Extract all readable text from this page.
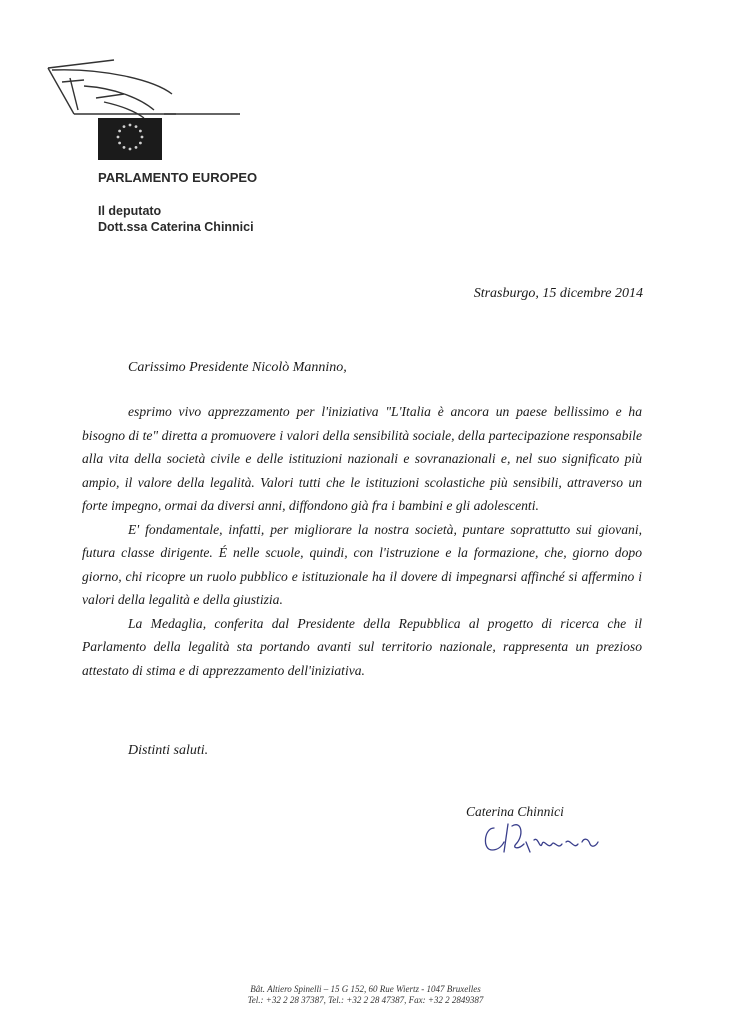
PARLAMENTO EUROPEO
Il deputato
Dott.ssa Caterina Chinnici
Strasburgo, 15 dicembre 2014
Carissimo Presidente Nicolò Mannino,

esprimo vivo apprezzamento per l'iniziativa "L'Italia è ancora un paese bellissimo e ha bisogno di te" diretta a promuovere i valori della sensibilità sociale, della partecipazione responsabile alla vita della società civile e delle istituzioni nazionali e sovranazionali e, nel suo significato più ampio, il valore della legalità. Valori tutti che le istituzioni scolastiche più sensibili, attraverso un forte impegno, ormai da diversi anni, diffondono già fra i bambini e gli adolescenti.

E' fondamentale, infatti, per migliorare la nostra società, puntare soprattutto sui giovani, futura classe dirigente. É nelle scuole, quindi, con l'istruzione e la formazione, che, giorno dopo giorno, chi ricopre un ruolo pubblico e istituzionale ha il dovere di impegnarsi affinché si affermino i valori della legalità e della giustizia.

La Medaglia, conferita dal Presidente della Repubblica al progetto di ricerca che il Parlamento della legalità sta portando avanti sul territorio nazionale, rappresenta un prezioso attestato di stima e di apprezzamento dell'iniziativa.

Distinti saluti.
Caterina Chinnici
Bât. Altiero Spinelli – 15 G 152, 60 Rue Wiertz - 1047 Bruxelles
Tel.: +32 2 28 37387, Tel.: +32 2 28 47387, Fax: +32 2 2849387
